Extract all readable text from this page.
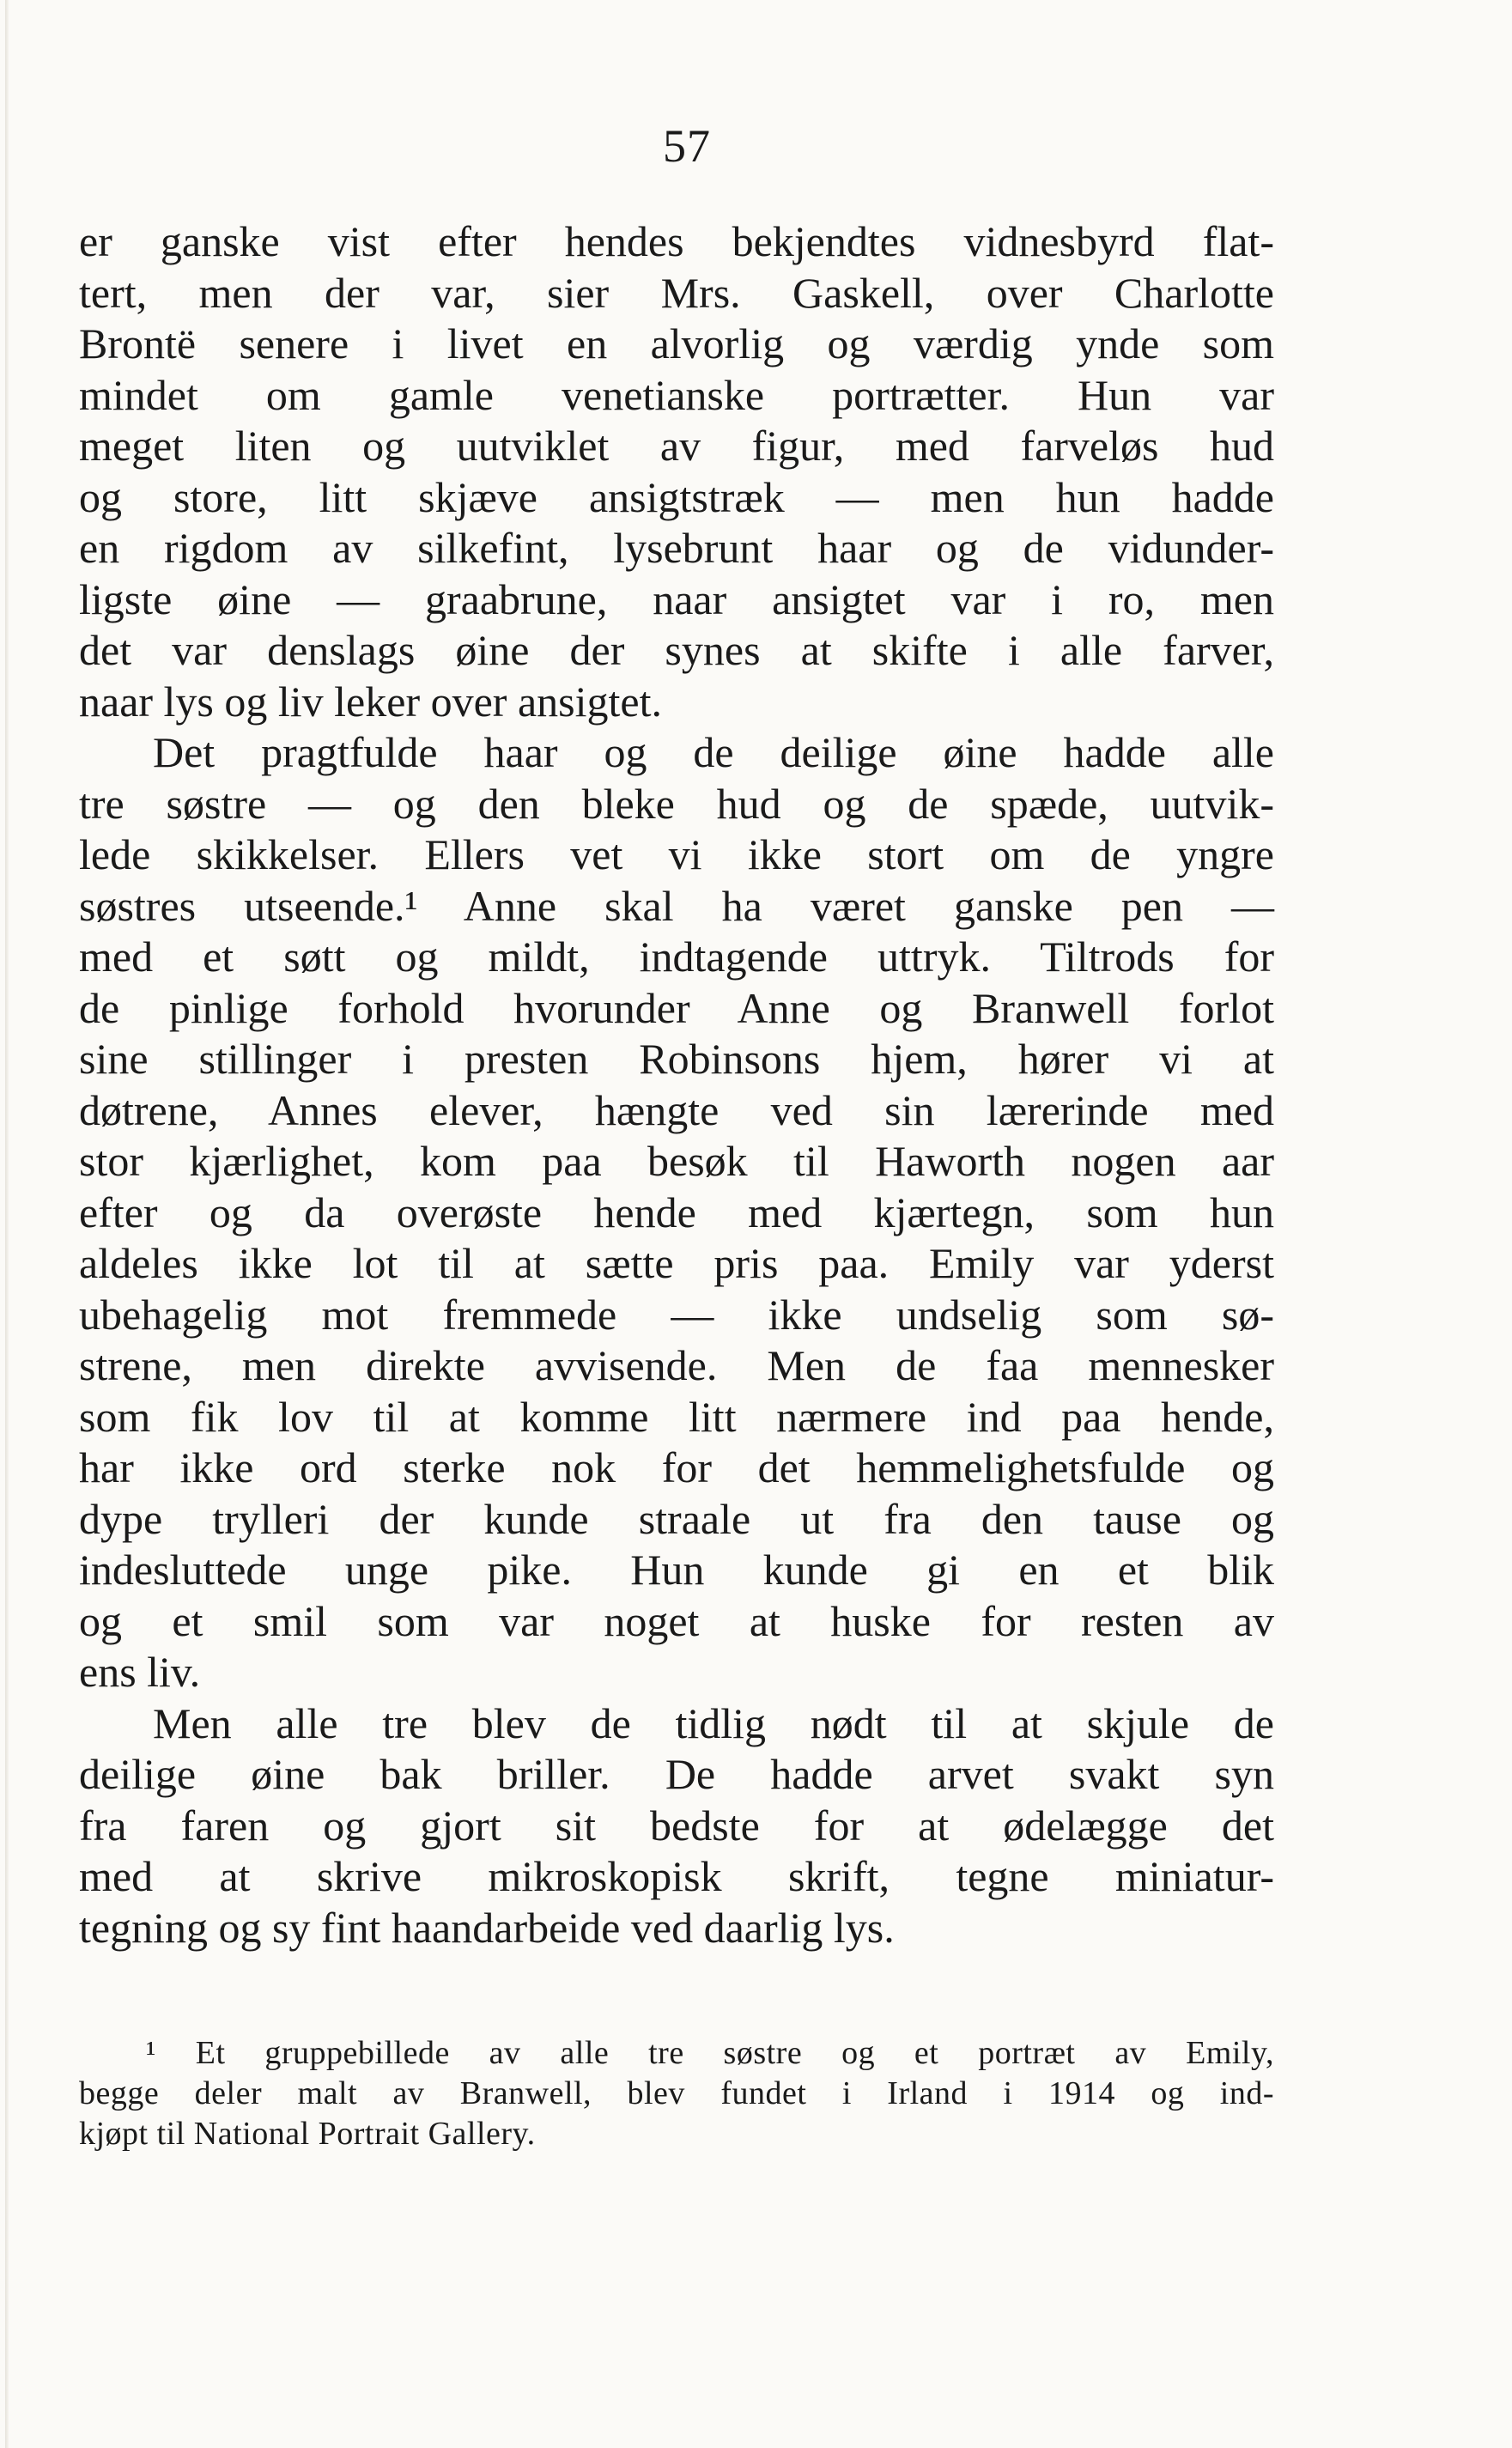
57
er ganske vist efter hendes bekjendtes vidnesbyrd flat-
tert, men der var, sier Mrs. Gaskell, over Charlotte
Brontë senere i livet en alvorlig og værdig ynde som
mindet om gamle venetianske portrætter. Hun var
meget liten og uutviklet av figur, med farveløs hud
og store, litt skjæve ansigtstræk — men hun hadde
en rigdom av silkefint, lysebrunt haar og de vidunder-
ligste øine — graabrune, naar ansigtet var i ro, men
det var denslags øine der synes at skifte i alle farver,
naar lys og liv leker over ansigtet.
Det pragtfulde haar og de deilige øine hadde alle
tre søstre — og den bleke hud og de spæde, uutvik-
lede skikkelser. Ellers vet vi ikke stort om de yngre
søstres utseende.¹ Anne skal ha været ganske pen —
med et søtt og mildt, indtagende uttryk. Tiltrods for
de pinlige forhold hvorunder Anne og Branwell forlot
sine stillinger i presten Robinsons hjem, hører vi at
døtrene, Annes elever, hængte ved sin lærerinde med
stor kjærlighet, kom paa besøk til Haworth nogen aar
efter og da overøste hende med kjærtegn, som hun
aldeles ikke lot til at sætte pris paa. Emily var yderst
ubehagelig mot fremmede — ikke undselig som sø-
strene, men direkte avvisende. Men de faa mennesker
som fik lov til at komme litt nærmere ind paa hende,
har ikke ord sterke nok for det hemmelighetsfulde og
dype trylleri der kunde straale ut fra den tause og
indesluttede unge pike. Hun kunde gi en et blik
og et smil som var noget at huske for resten av
ens liv.
Men alle tre blev de tidlig nødt til at skjule de
deilige øine bak briller. De hadde arvet svakt syn
fra faren og gjort sit bedste for at ødelægge det
med at skrive mikroskopisk skrift, tegne miniatur-
tegning og sy fint haandarbeide ved daarlig lys.
¹ Et gruppebillede av alle tre søstre og et portræt av Emily,
begge deler malt av Branwell, blev fundet i Irland i 1914 og ind-
kjøpt til National Portrait Gallery.
